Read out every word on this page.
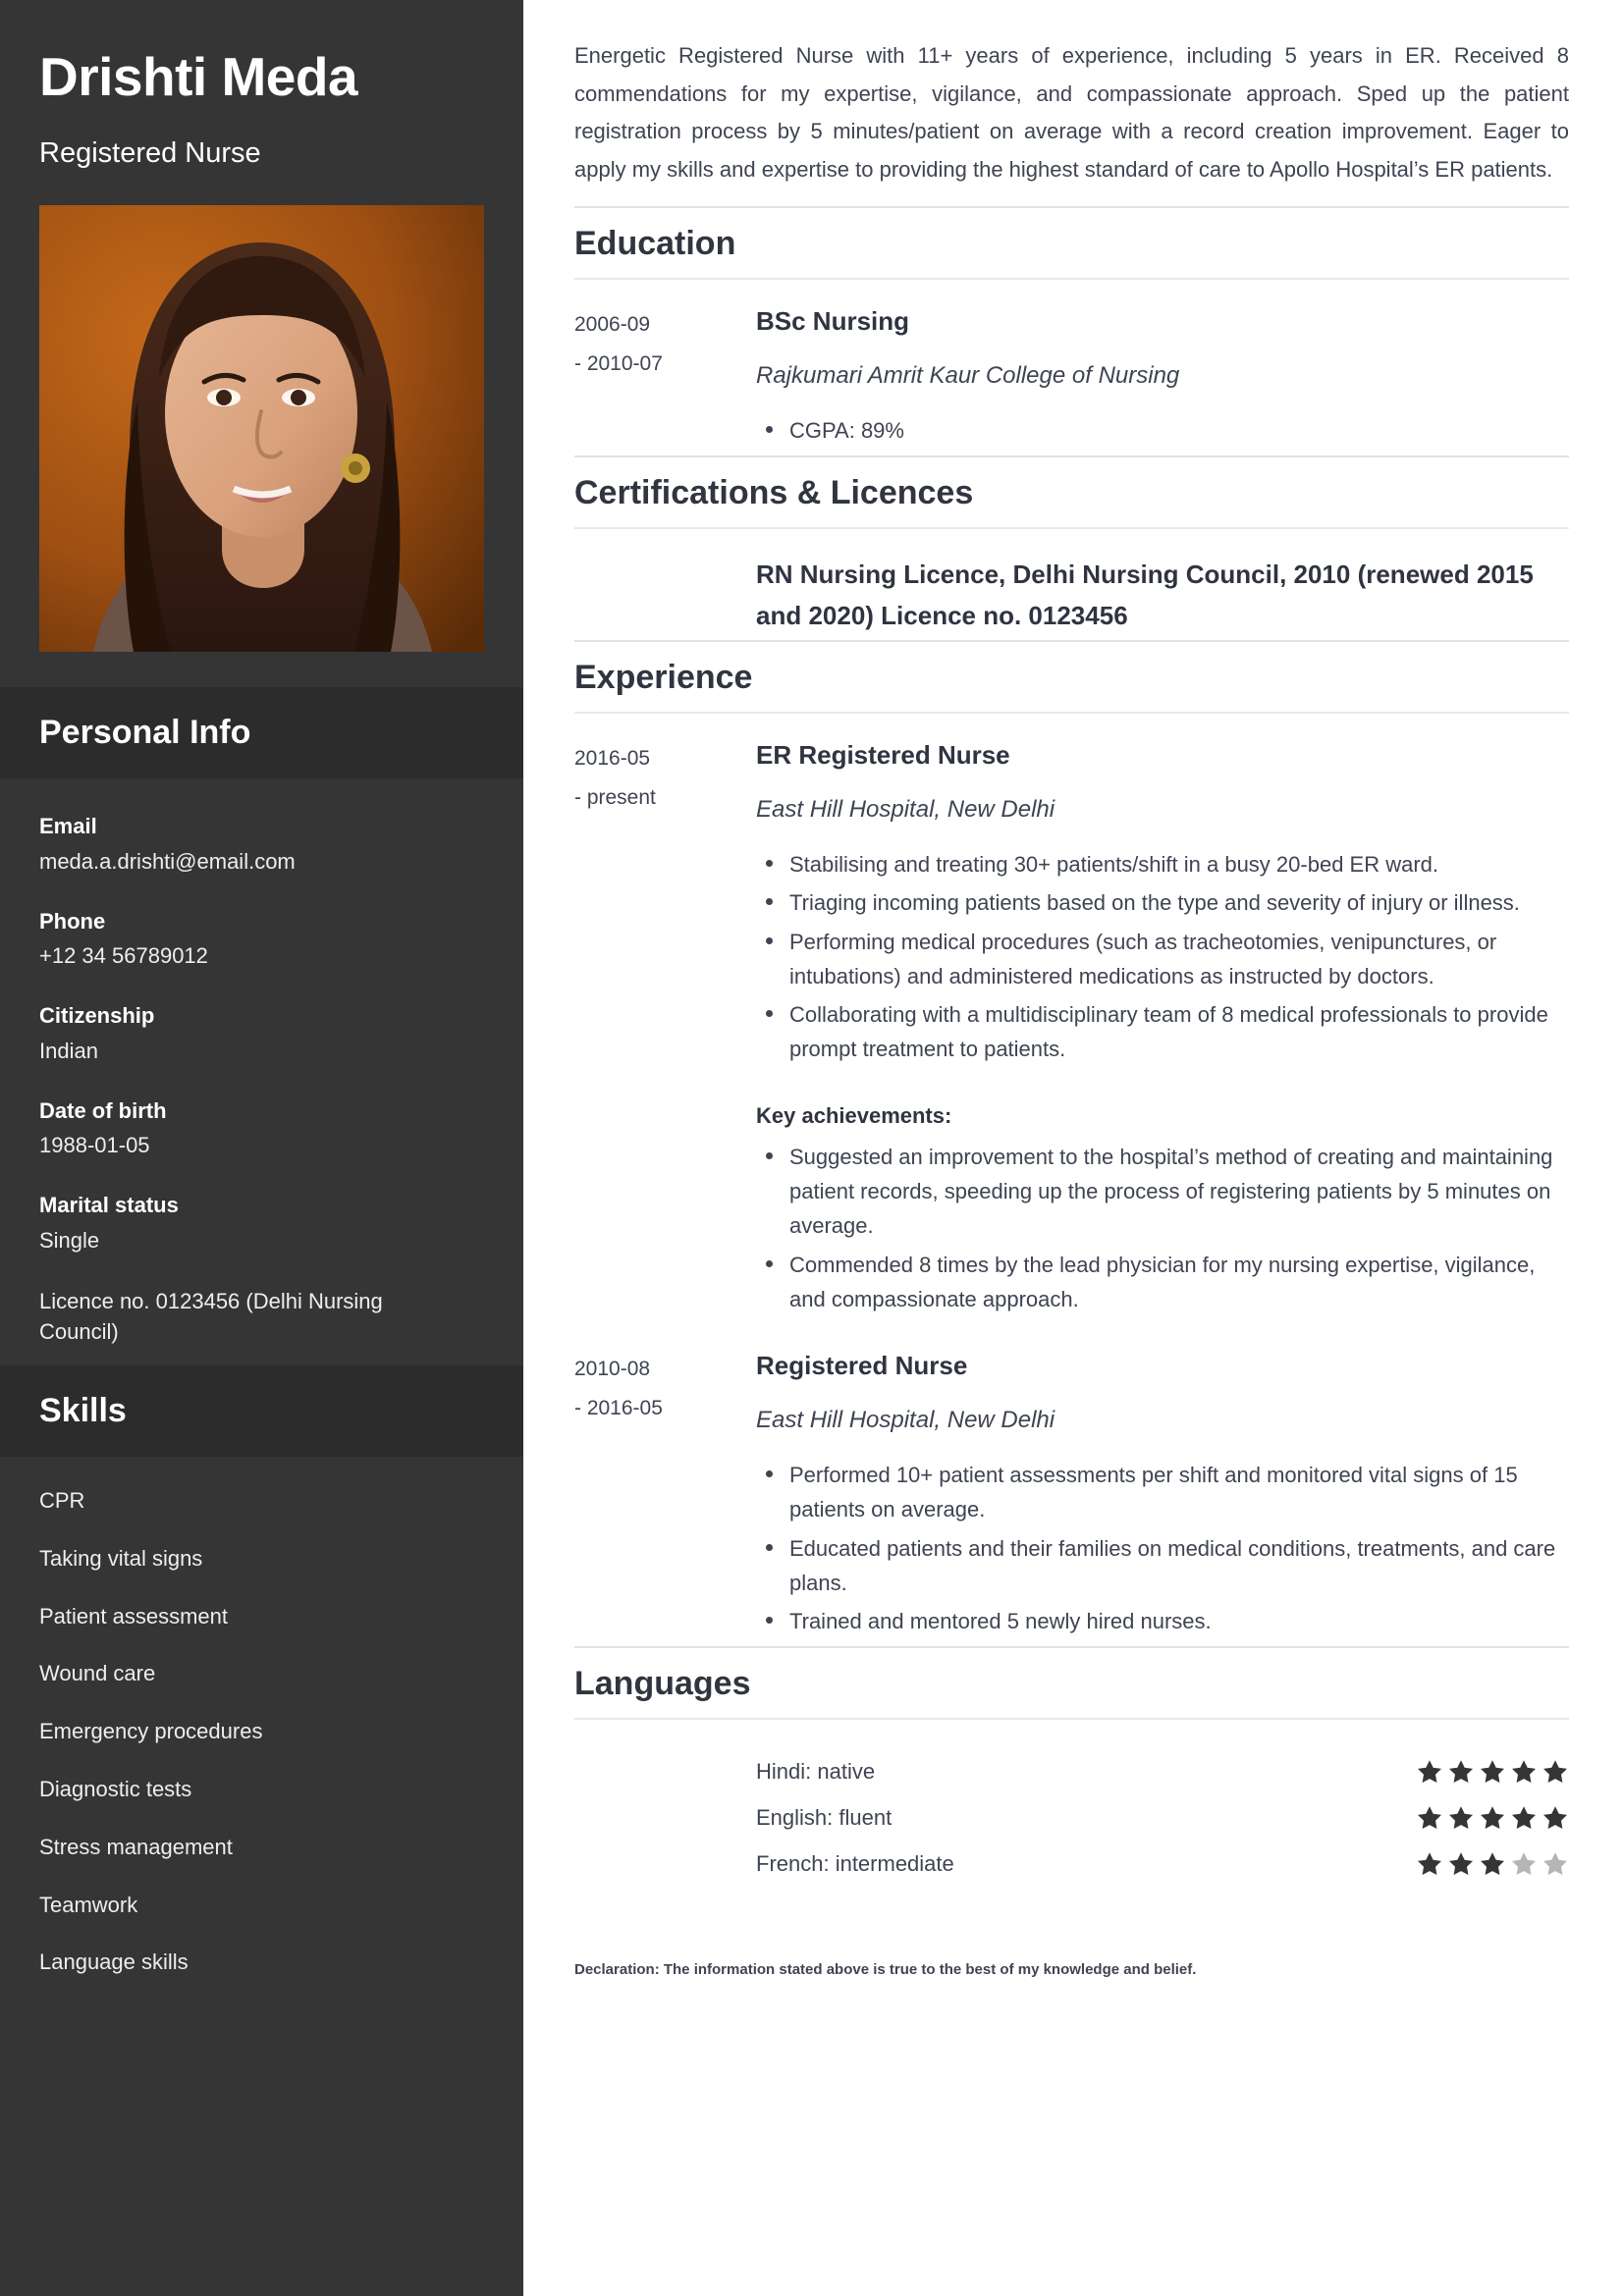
Drishti Meda
Registered Nurse
Personal Info
Email
meda.a.drishti@email.com
Phone
+12 34 56789012
Citizenship
Indian
Date of birth
1988-01-05
Marital status
Single
Licence no. 0123456 (Delhi Nursing Council)
Skills
CPR
Taking vital signs
Patient assessment
Wound care
Emergency procedures
Diagnostic tests
Stress management
Teamwork
Language skills

Energetic Registered Nurse with 11+ years of experience, including 5 years in ER. Received 8 commendations for my expertise, vigilance, and compassionate approach. Sped up the patient registration process by 5 minutes/patient on average with a record creation improvement. Eager to apply my skills and expertise to providing the highest standard of care to Apollo Hospital’s ER patients.

Education
2006-09
- 2010-07
BSc Nursing
Rajkumari Amrit Kaur College of Nursing
CGPA: 89%
Certifications & Licences
RN Nursing Licence, Delhi Nursing Council, 2010 (renewed 2015 and 2020) Licence no. 0123456
Experience
2016-05
- present
ER Registered Nurse
East Hill Hospital, New Delhi
Stabilising and treating 30+ patients/shift in a busy 20-bed ER ward.
Triaging incoming patients based on the type and severity of injury or illness.
Performing medical procedures (such as tracheotomies, venipunctures, or intubations) and administered medications as instructed by doctors.
Collaborating with a multidisciplinary team of 8 medical professionals to provide prompt treatment to patients.
Key achievements:
Suggested an improvement to the hospital’s method of creating and maintaining patient records, speeding up the process of registering patients by 5 minutes on average.
Commended 8 times by the lead physician for my nursing expertise, vigilance, and compassionate approach.
2010-08
- 2016-05
Registered Nurse
East Hill Hospital, New Delhi
Performed 10+ patient assessments per shift and monitored vital signs of 15 patients on average.
Educated patients and their families on medical conditions, treatments, and care plans.
Trained and mentored 5 newly hired nurses.
Languages
Hindi: native
English: fluent
French: intermediate
Declaration: The information stated above is true to the best of my knowledge and belief.
